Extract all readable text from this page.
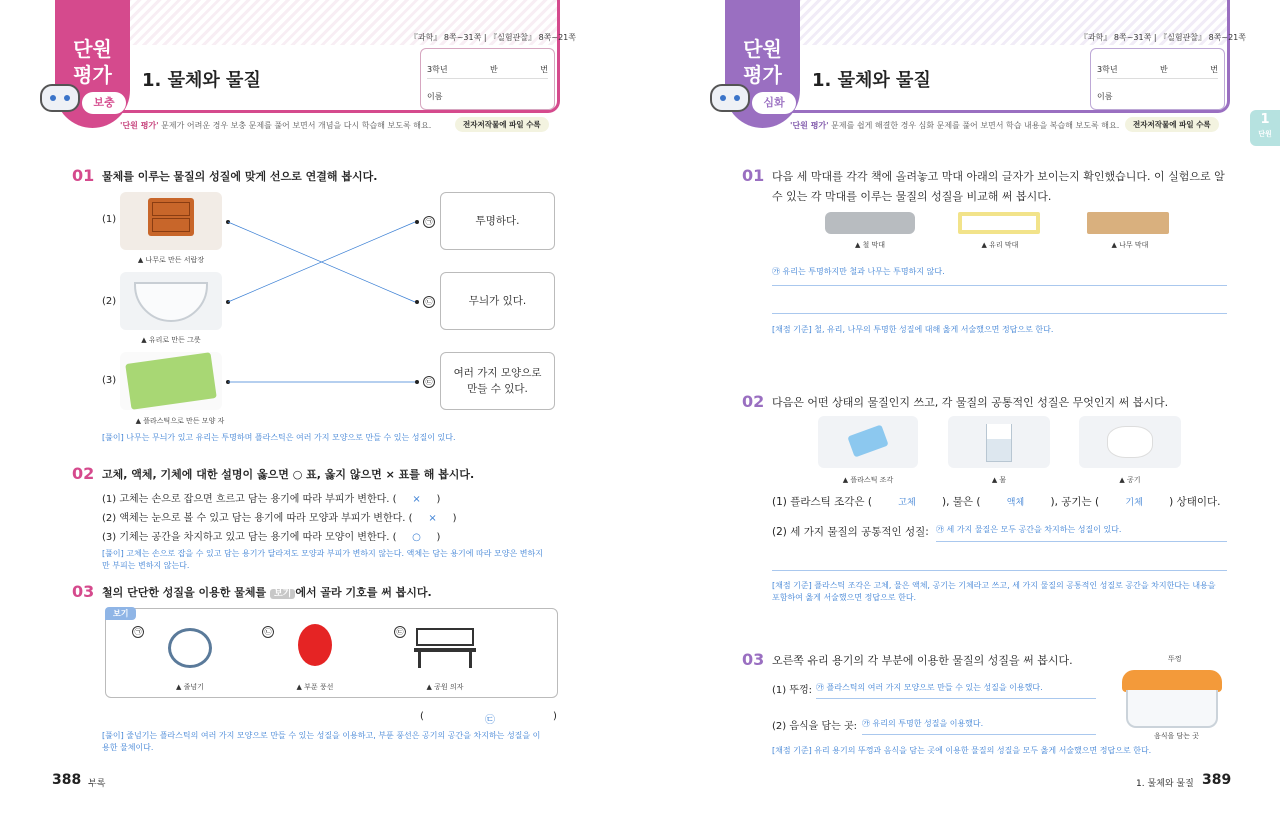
단원
평가
보충
『과학』 8쪽~31쪽 | 『실험관찰』 8쪽~21쪽
1. 물체와 물질
3학년	반	번
이름
'단원 평가' 문제가 어려운 경우 보충 문제를 풀어 보면서 개념을 다시 학습해 보도록 해요.	전자저작물에 파일 수록
01 물체를 이루는 물질의 성질에 맞게 선으로 연결해 봅시다.
(1)
▲ 나무로 만든 서랍장
(2)
▲ 유리로 만든 그릇
(3)
▲ 플라스틱으로 만든 모양 자
㉠
㉡
㉢
투명하다.
무늬가 있다.
여러 가지 모양으로
만들 수 있다.
[풀이] 나무는 무늬가 있고 유리는 투명하며 플라스틱은 여러 가지 모양으로 만들 수 있는 성질이 있다.
02 고체, 액체, 기체에 대한 설명이 옳으면 ○ 표, 옳지 않으면 × 표를 해 봅시다.
(1) 고체는 손으로 잡으면 흐르고 담는 용기에 따라 부피가 변한다. ( × )
(2) 액체는 눈으로 볼 수 있고 담는 용기에 따라 모양과 부피가 변한다. ( × )
(3) 기체는 공간을 차지하고 있고 담는 용기에 따라 모양이 변한다. ( ○ )
[풀이] 고체는 손으로 잡을 수 있고 담는 용기가 달라져도 모양과 부피가 변하지 않는다. 액체는 담는 용기에 따라 모양은 변하지
만 부피는 변하지 않는다.
03 철의 단단한 성질을 이용한 물체를 보기 에서 골라 기호를 써 봅시다.
보기
㉠
▲ 줄넘기
㉡
▲ 부푼 풍선
㉢
▲ 공원 의자
(	㉢	)
[풀이] 줄넘기는 플라스틱의 여러 가지 모양으로 만들 수 있는 성질을 이용하고, 부푼 풍선은 공기의 공간을 차지하는 성질을 이
용한 물체이다.
388 부록
단원
평가
심화
『과학』 8쪽~31쪽 | 『실험관찰』 8쪽~21쪽
1. 물체와 물질
3학년	반	번
이름
'단원 평가' 문제를 쉽게 해결한 경우 심화 문제를 풀어 보면서 학습 내용을 복습해 보도록 해요.	전자저작물에 파일 수록
01 다음 세 막대를 각각 책에 올려놓고 막대 아래의 글자가 보이는지 확인했습니다. 이 실험으로 알
수 있는 각 막대를 이루는 물질의 성질을 비교해 써 봅시다.
▲ 철 막대	▲ 유리 막대	▲ 나무 막대
㉮ 유리는 투명하지만 철과 나무는 투명하지 않다.
[채점 기준] 철, 유리, 나무의 투명한 성질에 대해 옳게 서술했으면 정답으로 한다.
02 다음은 어떤 상태의 물질인지 쓰고, 각 물질의 공통적인 성질은 무엇인지 써 봅시다.
▲ 플라스틱 조각	▲ 물	▲ 공기
(1) 플라스틱 조각은 (	고체	), 물은 (	액체	), 공기는 (	기체	) 상태이다.
(2) 세 가지 물질의 공통적인 성질: ㉮ 세 가지 물질은 모두 공간을 차지하는 성질이 있다.
[채점 기준] 플라스틱 조각은 고체, 물은 액체, 공기는 기체라고 쓰고, 세 가지 물질의 공통적인 성질로 공간을 차지한다는 내용을
포함하여 옳게 서술했으면 정답으로 한다.
03 오른쪽 유리 용기의 각 부분에 이용한 물질의 성질을 써 봅시다.
(1) 뚜껑: ㉮ 플라스틱의 여러 가지 모양으로 만들 수 있는 성질을 이용했다.
(2) 음식을 담는 곳: ㉮ 유리의 투명한 성질을 이용했다.
뚜껑
음식을 담는 곳
[채점 기준] 유리 용기의 뚜껑과 음식을 담는 곳에 이용한 물질의 성질을 모두 옳게 서술했으면 정답으로 한다.
1. 물체와 물질 389
1
단원
